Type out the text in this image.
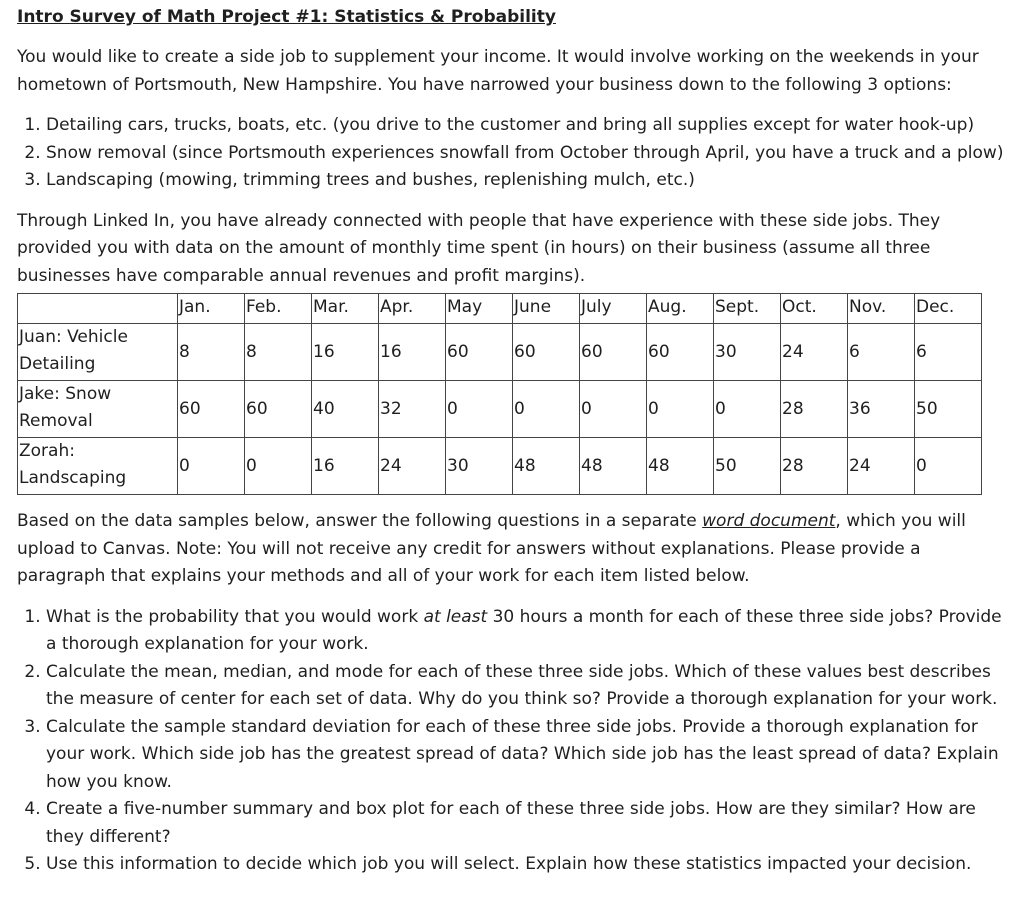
Intro Survey of Math Project #1: Statistics & Probability

You would like to create a side job to supplement your income. It would involve working on the weekends in your hometown of Portsmouth, New Hampshire. You have narrowed your business down to the following 3 options:

1. Detailing cars, trucks, boats, etc. (you drive to the customer and bring all supplies except for water hook-up)
2. Snow removal (since Portsmouth experiences snowfall from October through April, you have a truck and a plow)
3. Landscaping (mowing, trimming trees and bushes, replenishing mulch, etc.)

Through Linked In, you have already connected with people that have experience with these side jobs. They provided you with data on the amount of monthly time spent (in hours) on their business (assume all three businesses have comparable annual revenues and profit margins).

	Jan.	Feb.	Mar.	Apr.	May	June	July	Aug.	Sept.	Oct.	Nov.	Dec.
Juan: Vehicle Detailing	8	8	16	16	60	60	60	60	30	24	6	6
Jake: Snow Removal	60	60	40	32	0	0	0	0	0	28	36	50
Zorah: Landscaping	0	0	16	24	30	48	48	48	50	28	24	0

Based on the data samples below, answer the following questions in a separate word document, which you will upload to Canvas. Note: You will not receive any credit for answers without explanations. Please provide a paragraph that explains your methods and all of your work for each item listed below.

1. What is the probability that you would work at least 30 hours a month for each of these three side jobs? Provide a thorough explanation for your work.
2. Calculate the mean, median, and mode for each of these three side jobs. Which of these values best describes the measure of center for each set of data. Why do you think so? Provide a thorough explanation for your work.
3. Calculate the sample standard deviation for each of these three side jobs. Provide a thorough explanation for your work. Which side job has the greatest spread of data? Which side job has the least spread of data? Explain how you know.
4. Create a five-number summary and box plot for each of these three side jobs. How are they similar? How are they different?
5. Use this information to decide which job you will select. Explain how these statistics impacted your decision.
